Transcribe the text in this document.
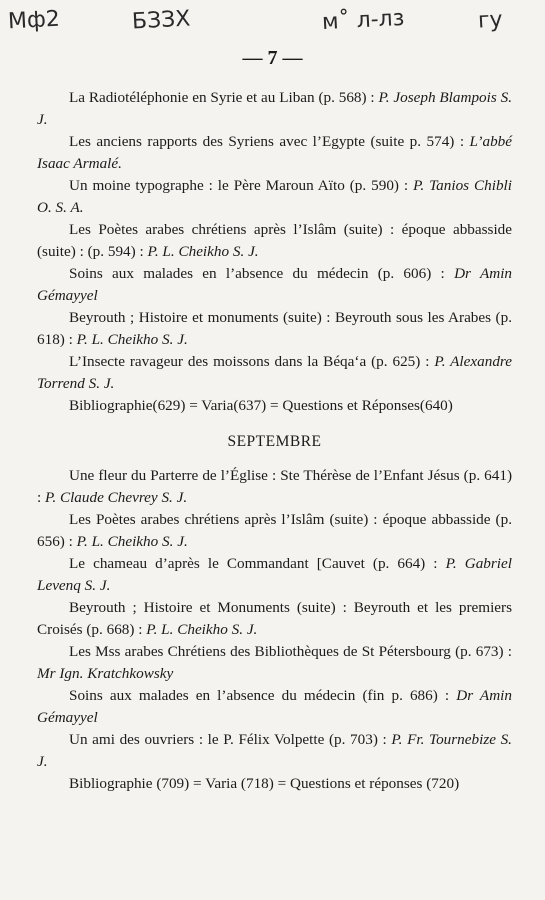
Мф2	БЗЗХ	м˚ л-лз	гу
— 7 —

La Radiotéléphonie en Syrie et au Liban (p. 568) : P. Joseph Blampois S. J.

Les anciens rapports des Syriens avec l’Egypte (suite p. 574) : L’abbé Isaac Armalé.

Un moine typographe : le Père Maroun Aïto (p. 590) : P. Tanios Chibli O. S. A.

Les Poètes arabes chrétiens après l’Islâm (suite) : époque abbasside (suite) : (p. 594) : P. L. Cheikho S. J.

Soins aux malades en l’absence du médecin (p. 606) : Dr Amin Gémayyel

Beyrouth ; Histoire et monuments (suite) : Beyrouth sous les Arabes (p. 618) : P. L. Cheikho S. J.

L’Insecte ravageur des moissons dans la Béqa‘a (p. 625) : P. Alexandre Torrend S. J.

Bibliographie(629) = Varia(637) = Questions et Réponses(640)

SEPTEMBRE

Une fleur du Parterre de l’Église : Ste Thérèse de l’Enfant Jésus (p. 641) : P. Claude Chevrey S. J.

Les Poètes arabes chrétiens après l’Islâm (suite) : époque abbasside (p. 656) : P. L. Cheikho S. J.

Le chameau d’après le Commandant [Cauvet (p. 664) : P. Gabriel Levenq S. J.

Beyrouth ; Histoire et Monuments (suite) : Beyrouth et les premiers Croisés (p. 668) : P. L. Cheikho S. J.

Les Mss arabes Chrétiens des Bibliothèques de St Pétersbourg (p. 673) : Mr Ign. Kratchkowsky

Soins aux malades en l’absence du médecin (fin p. 686) : Dr Amin Gémayyel

Un ami des ouvriers : le P. Félix Volpette (p. 703) : P. Fr. Tournebize S. J.

Bibliographie (709) = Varia (718) = Questions et réponses (720)
